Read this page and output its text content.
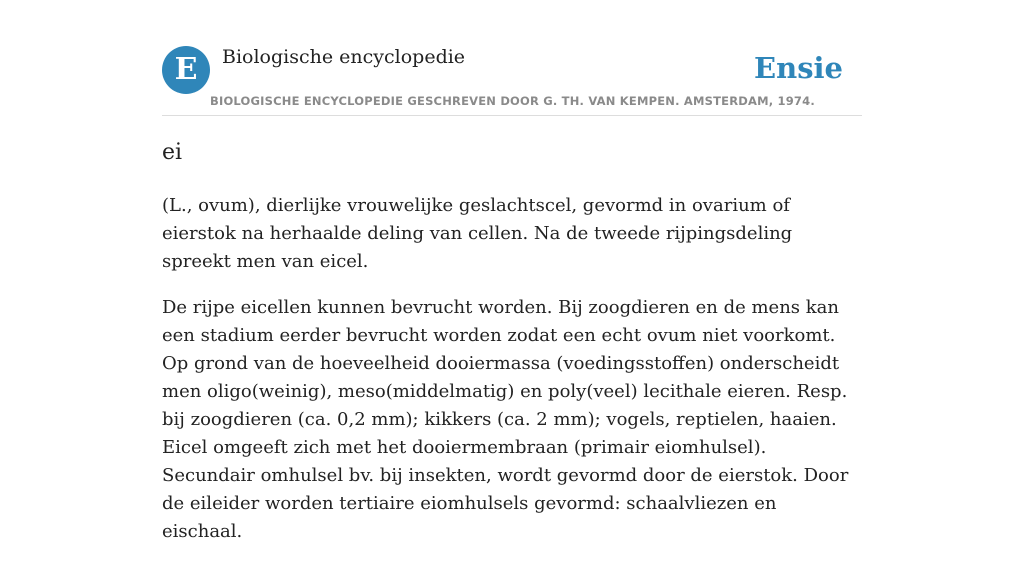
E	Biologische encyclopedie	Ensie
BIOLOGISCHE ENCYCLOPEDIE GESCHREVEN DOOR G. TH. VAN KEMPEN. AMSTERDAM, 1974.
ei

(L., ovum), dierlijke vrouwelijke geslachtscel, gevormd in ovarium of eierstok na herhaalde deling van cellen. Na de tweede rijpingsdeling spreekt men van eicel.

De rijpe eicellen kunnen bevrucht worden. Bij zoogdieren en de mens kan een stadium eerder bevrucht worden zodat een echt ovum niet voorkomt. Op grond van de hoeveelheid dooiermassa (voedingsstoffen) onderscheidt men oligo(weinig), meso(middelmatig) en poly(veel) lecithale eieren. Resp. bij zoogdieren (ca. 0,2 mm); kikkers (ca. 2 mm); vogels, reptielen, haaien. Eicel omgeeft zich met het dooiermembraan (primair eiomhulsel). Secundair omhulsel bv. bij insekten, wordt gevormd door de eierstok. Door de eileider worden tertiaire eiomhulsels gevormd: schaalvliezen en eischaal.
